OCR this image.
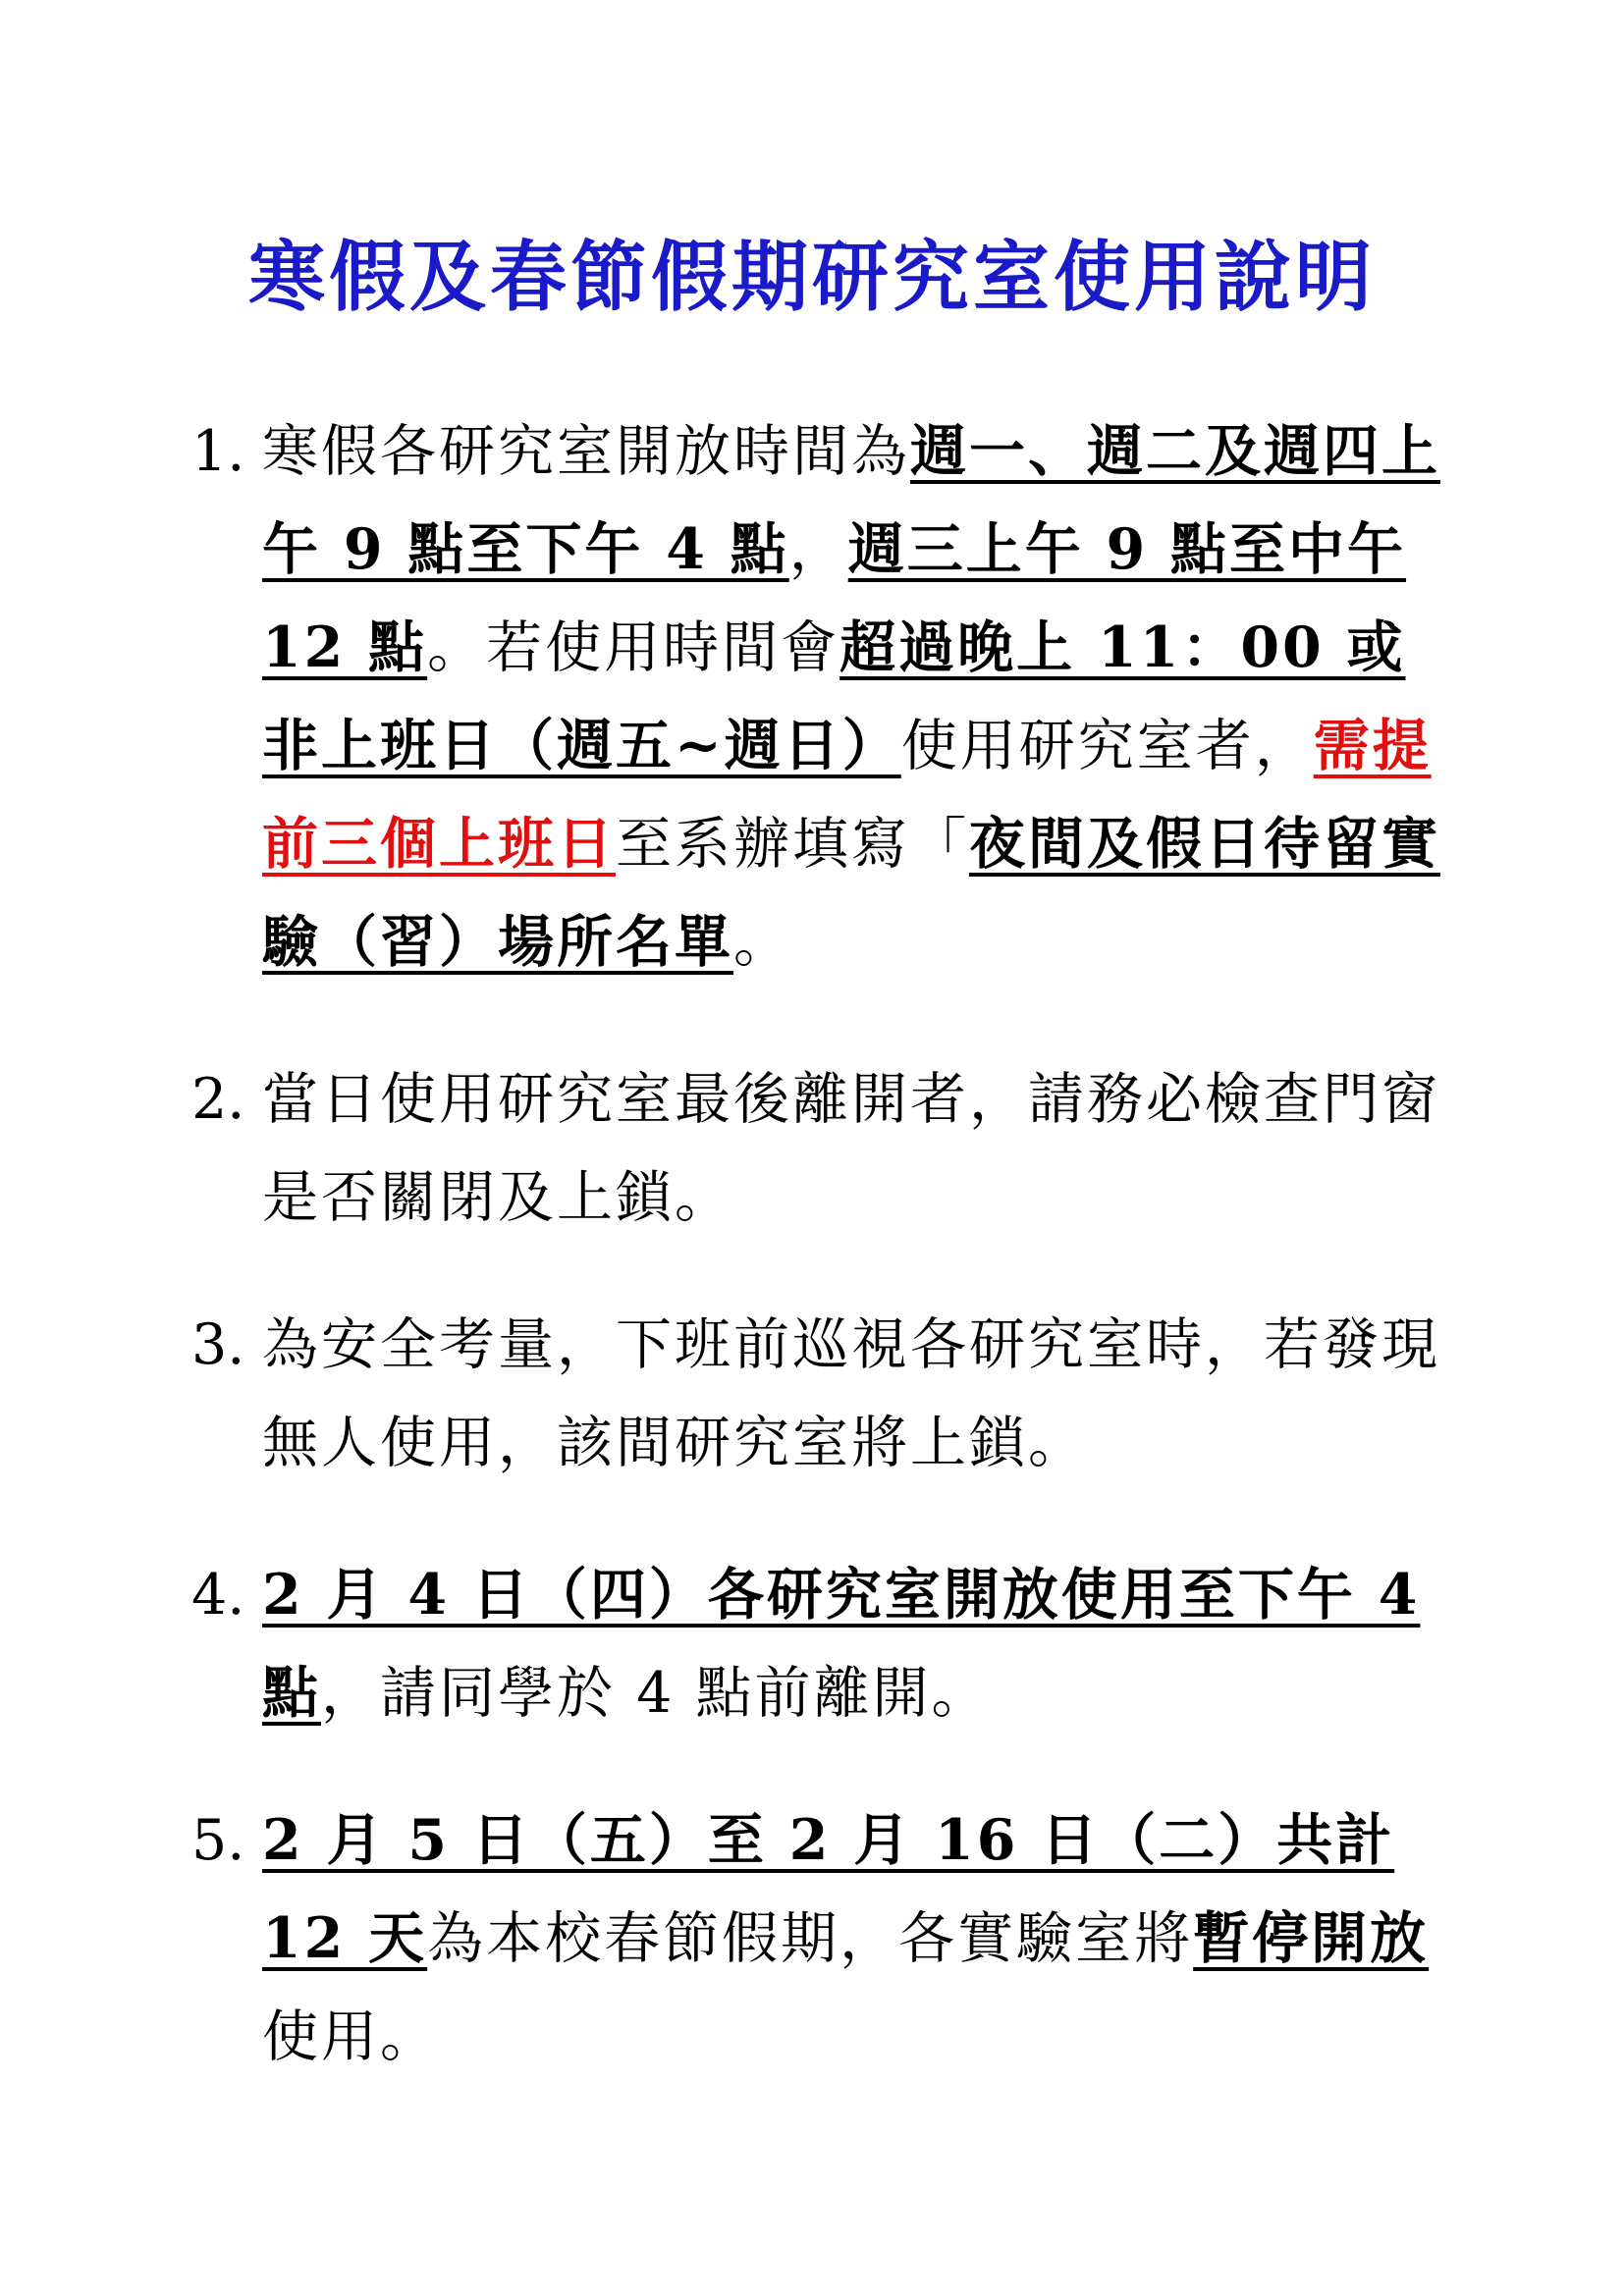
寒假及春節假期研究室使用說明
1. 寒假各研究室開放時間為週一、週二及週四上午 9 點至下午 4 點，週三上午 9 點至中午 12 點。若使用時間會超過晚上 11：00 或非上班日（週五~週日）使用研究室者，需提前三個上班日至系辦填寫「夜間及假日待留實驗（習）場所名單。
2. 當日使用研究室最後離開者，請務必檢查門窗是否關閉及上鎖。
3. 為安全考量，下班前巡視各研究室時，若發現無人使用，該間研究室將上鎖。
4. 2 月 4 日（四）各研究室開放使用至下午 4 點，請同學於 4 點前離開。
5. 2 月 5 日（五）至 2 月 16 日（二）共計 12 天為本校春節假期，各實驗室將暫停開放使用。
